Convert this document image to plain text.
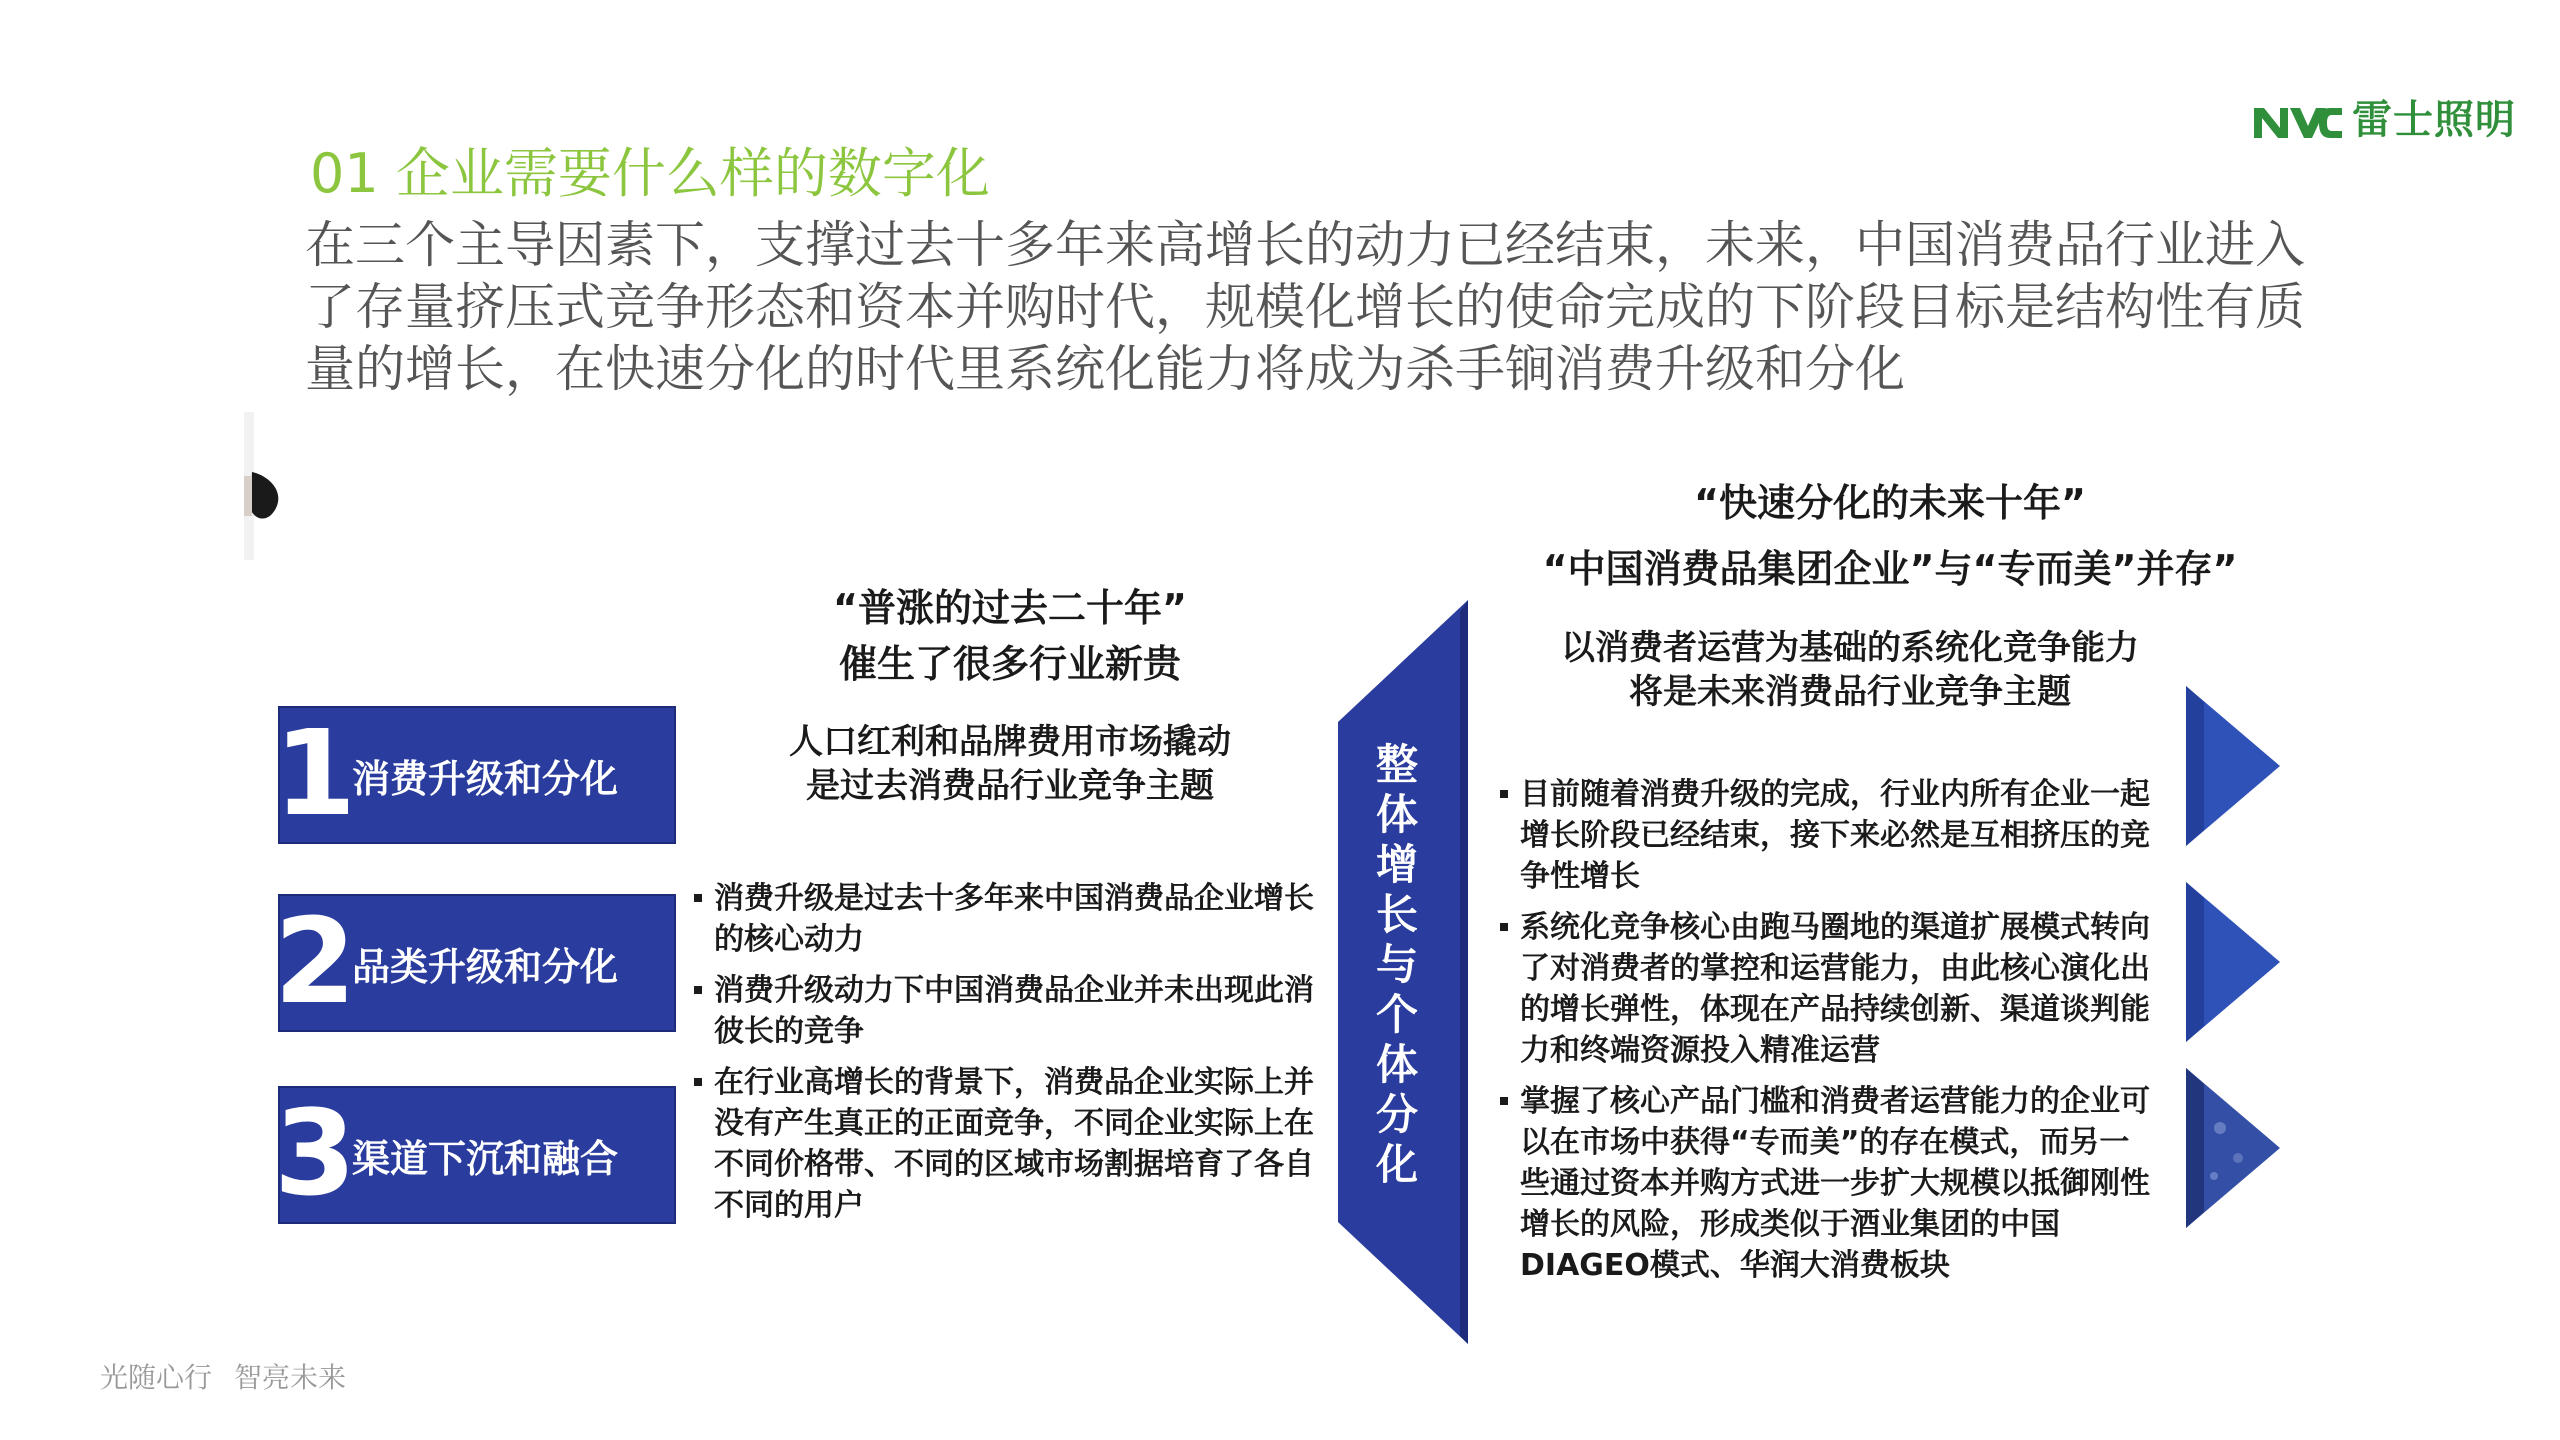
雷士照明
01 企业需要什么样的数字化
在三个主导因素下，支撑过去十多年来高增长的动力已经结束，未来，中国消费品行业进入了存量挤压式竞争形态和资本并购时代，规模化增长的使命完成的下阶段目标是结构性有质量的增长，在快速分化的时代里系统化能力将成为杀手锏消费升级和分化
“普涨的过去二十年”
催生了很多行业新贵
人口红利和品牌费用市场撬动
是过去消费品行业竞争主题
1
消费升级和分化
2
品类升级和分化
3
渠道下沉和融合
消费升级是过去十多年来中国消费品企业增长的核心动力
消费升级动力下中国消费品企业并未出现此消彼长的竞争
在行业高增长的背景下，消费品企业实际上并没有产生真正的正面竞争，不同企业实际上在不同价格带、不同的区域市场割据培育了各自不同的用户
整体增长与个体分化
“快速分化的未来十年”
“中国消费品集团企业”与“专而美”并存”
以消费者运营为基础的系统化竞争能力
将是未来消费品行业竞争主题
目前随着消费升级的完成，行业内所有企业一起增长阶段已经结束，接下来必然是互相挤压的竞争性增长
系统化竞争核心由跑马圈地的渠道扩展模式转向了对消费者的掌控和运营能力，由此核心演化出的增长弹性，体现在产品持续创新、渠道谈判能力和终端资源投入精准运营
掌握了核心产品门槛和消费者运营能力的企业可以在市场中获得“专而美”的存在模式，而另一些通过资本并购方式进一步扩大规模以抵御刚性增长的风险，形成类似于酒业集团的中国DIAGEO模式、华润大消费板块
光随心行 智亮未来
